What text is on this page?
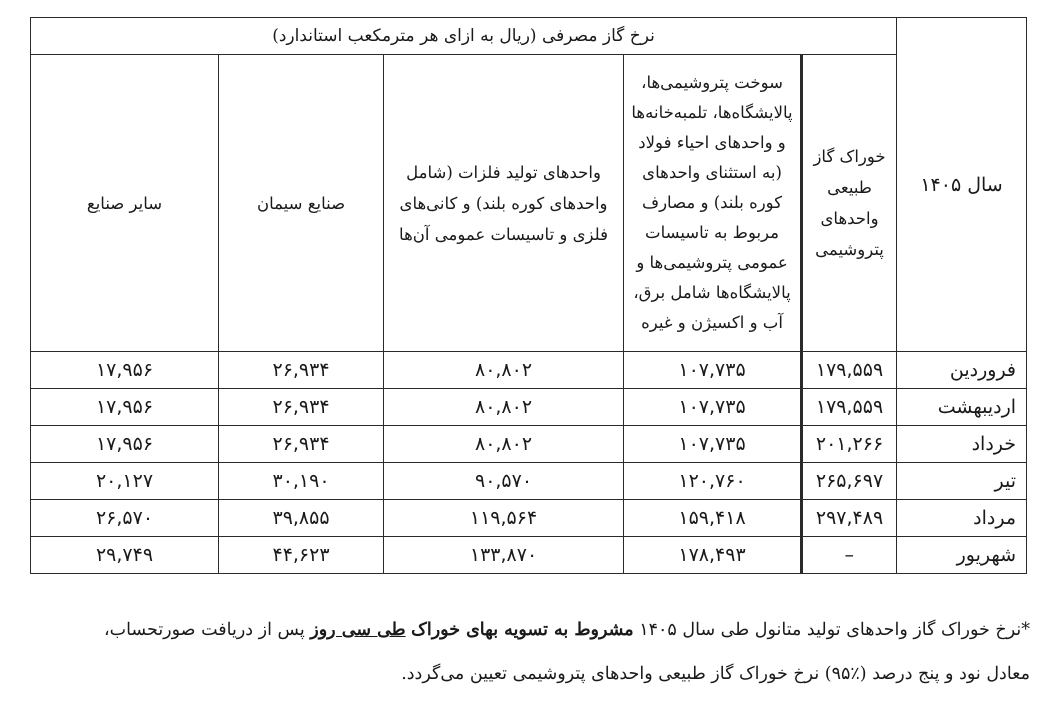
سال ۱۴۰۵	نرخ گاز مصرفی (ریال به ازای هر مترمکعب استاندارد)				
	خوراک گاز طبیعی واحدهای پتروشیمی	سوخت پتروشیمی‌ها، پالایشگاه‌ها، تلمبه‌خانه‌ها و واحدهای احیاء فولاد (به استثنای واحدهای کوره بلند) و مصارف مربوط به تاسیسات عمومی پتروشیمی‌ها و پالایشگاه‌ها شامل برق، آب و اکسیژن و غیره	واحدهای تولید فلزات (شامل واحدهای کوره بلند) و کانی‌های فلزی و تاسیسات عمومی آن‌ها	صنایع سیمان	سایر صنایع
فروردین	۱۷۹,۵۵۹	۱۰۷,۷۳۵	۸۰,۸۰۲	۲۶,۹۳۴	۱۷,۹۵۶
اردیبهشت	۱۷۹,۵۵۹	۱۰۷,۷۳۵	۸۰,۸۰۲	۲۶,۹۳۴	۱۷,۹۵۶
خرداد	۲۰۱,۲۶۶	۱۰۷,۷۳۵	۸۰,۸۰۲	۲۶,۹۳۴	۱۷,۹۵۶
تیر	۲۶۵,۶۹۷	۱۲۰,۷۶۰	۹۰,۵۷۰	۳۰,۱۹۰	۲۰,۱۲۷
مرداد	۲۹۷,۴۸۹	۱۵۹,۴۱۸	۱۱۹,۵۶۴	۳۹,۸۵۵	۲۶,۵۷۰
شهریور	–	۱۷۸,۴۹۳	۱۳۳,۸۷۰	۴۴,۶۲۳	۲۹,۷۴۹
*نرخ خوراک گاز واحدهای تولید متانول طی سال ۱۴۰۵ مشروط به تسویه بهای خوراک طی سی روز پس از دریافت صورتحساب،
معادل نود و پنج درصد (٪۹۵) نرخ خوراک گاز طبیعی واحدهای پتروشیمی تعیین می‌گردد.
